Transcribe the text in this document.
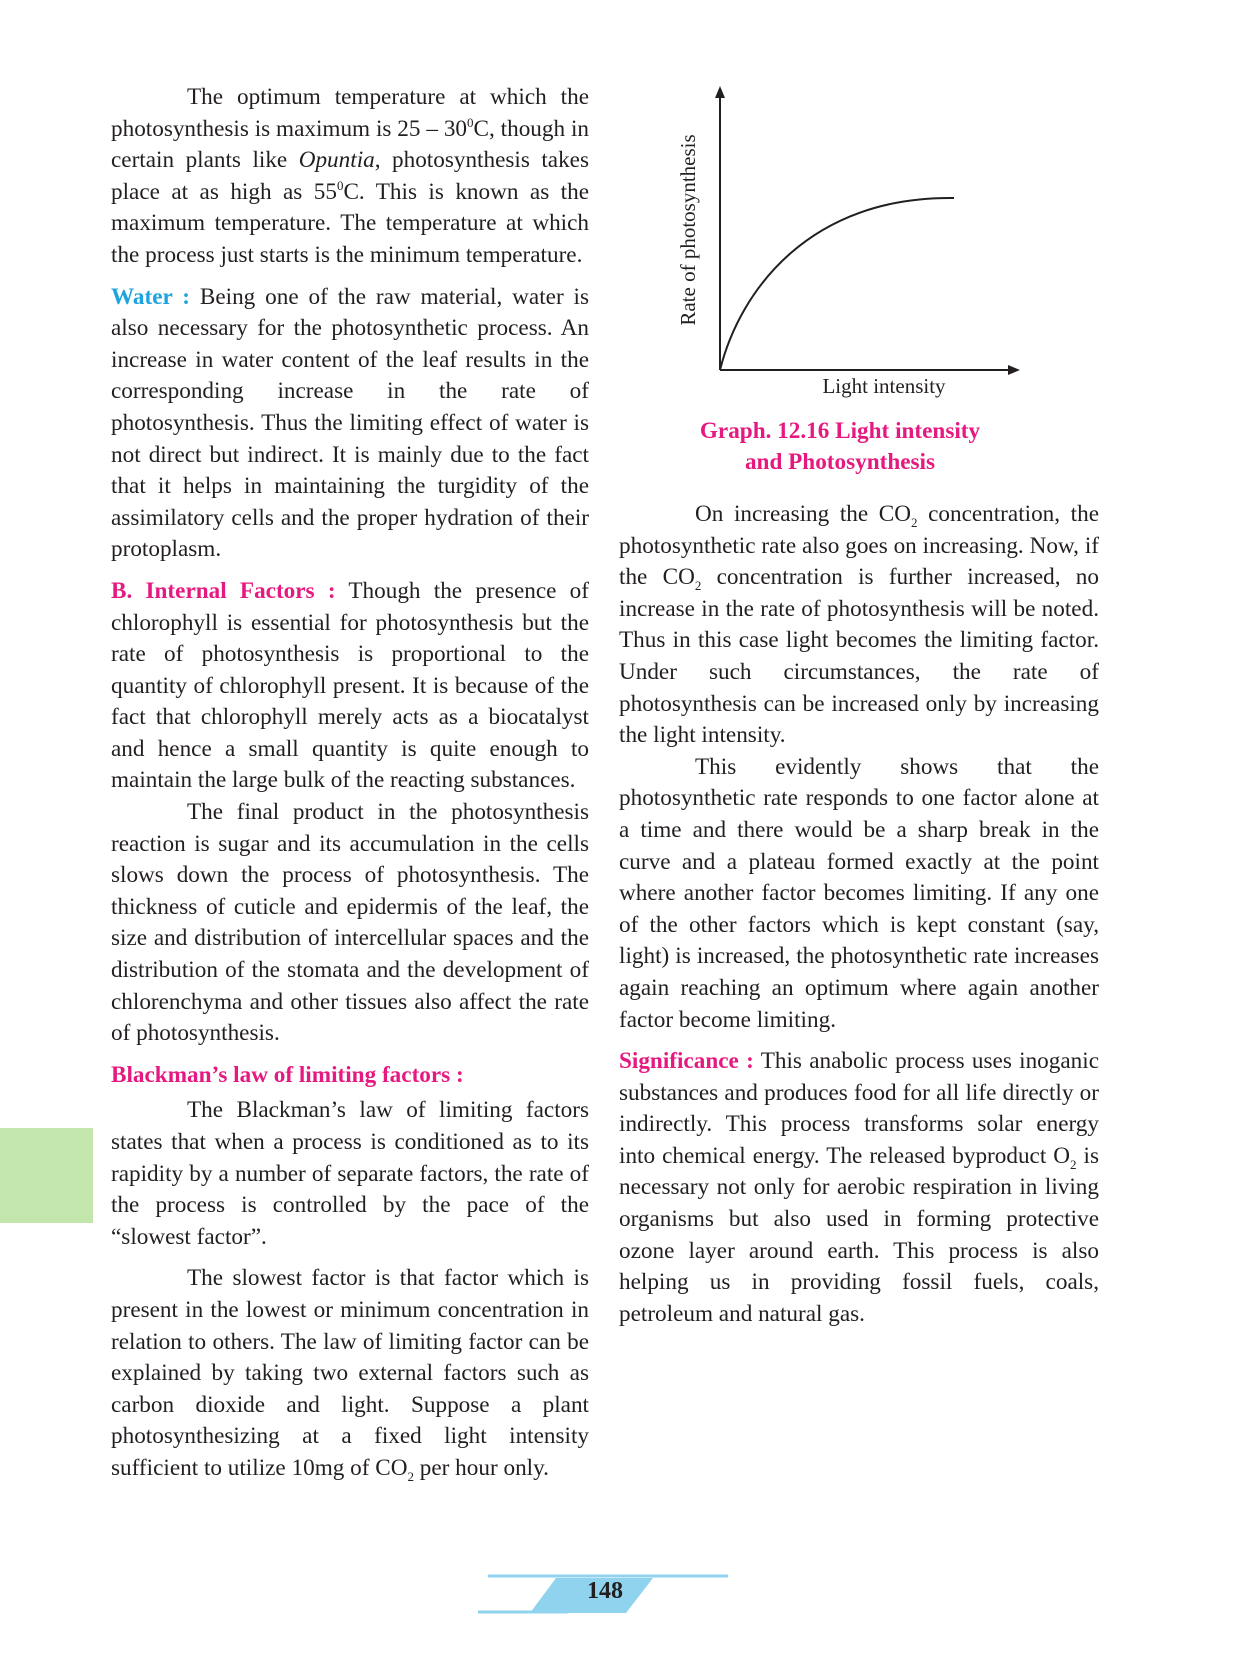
The optimum temperature at which the photosynthesis is maximum is $25 - 30^0C$, though in certain plants like Opuntia, photosynthesis takes place at as high as $55^0C$. This is known as the maximum temperature. The temperature at which the process just starts is the minimum temperature.

Water : Being one of the raw material, water is also necessary for the photosynthetic process. An increase in water content of the leaf results in the corresponding increase in the rate of photosynthesis. Thus the limiting effect of water is not direct but indirect. It is mainly due to the fact that it helps in maintaining the turgidity of the assimilatory cells and the proper hydration of their protoplasm.

B. Internal Factors : Though the presence of chlorophyll is essential for photosynthesis but the rate of photosynthesis is proportional to the quantity of chlorophyll present. It is because of the fact that chlorophyll merely acts as a biocatalyst and hence a small quantity is quite enough to maintain the large bulk of the reacting substances.

The final product in the photosynthesis reaction is sugar and its accumulation in the cells slows down the process of photosynthesis. The thickness of cuticle and epidermis of the leaf, the size and distribution of intercellular spaces and the distribution of the stomata and the development of chlorenchyma and other tissues also affect the rate of photosynthesis.

Blackman’s law of limiting factors :

The Blackman’s law of limiting factors states that when a process is conditioned as to its rapidity by a number of separate factors, the rate of the process is controlled by the pace of the “slowest factor”.

The slowest factor is that factor which is present in the lowest or minimum concentration in relation to others. The law of limiting factor can be explained by taking two external factors such as carbon dioxide and light. Suppose a plant photosynthesizing at a fixed light intensity sufficient to utilize 10mg of $CO_2$ per hour only.

Rate of photosynthesis
Light intensity
Graph. 12.16 Light intensity
and Photosynthesis

On increasing the $CO_2$ concentration, the photosynthetic rate also goes on increasing. Now, if the $CO_2$ concentration is further increased, no increase in the rate of photosynthesis will be noted. Thus in this case light becomes the limiting factor. Under such circumstances, the rate of photosynthesis can be increased only by increasing the light intensity.

This evidently shows that the photosynthetic rate responds to one factor alone at a time and there would be a sharp break in the curve and a plateau formed exactly at the point where another factor becomes limiting. If any one of the other factors which is kept constant (say, light) is increased, the photosynthetic rate increases again reaching an optimum where again another factor become limiting.

Significance : This anabolic process uses inoganic substances and produces food for all life directly or indirectly. This process transforms solar energy into chemical energy. The released byproduct $O_2$ is necessary not only for aerobic respiration in living organisms but also used in forming protective ozone layer around earth. This process is also helping us in providing fossil fuels, coals, petroleum and natural gas.

148
